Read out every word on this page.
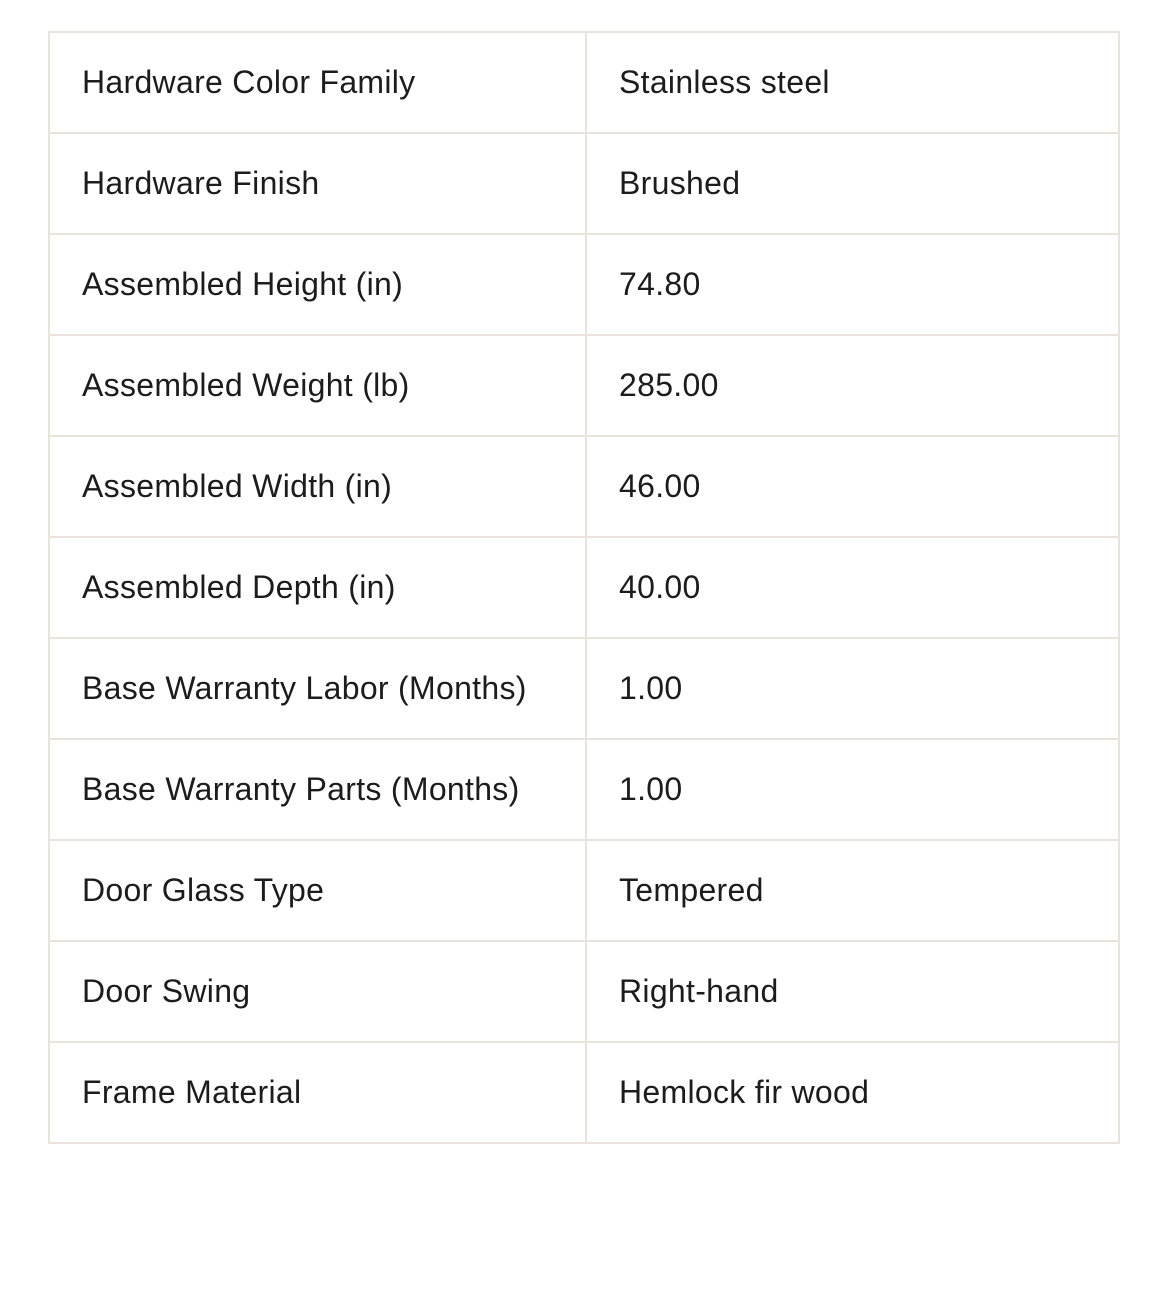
Hardware Color Family	Stainless steel
Hardware Finish	Brushed
Assembled Height (in)	74.80
Assembled Weight (lb)	285.00
Assembled Width (in)	46.00
Assembled Depth (in)	40.00
Base Warranty Labor (Months)	1.00
Base Warranty Parts (Months)	1.00
Door Glass Type	Tempered
Door Swing	Right-hand
Frame Material	Hemlock fir wood
